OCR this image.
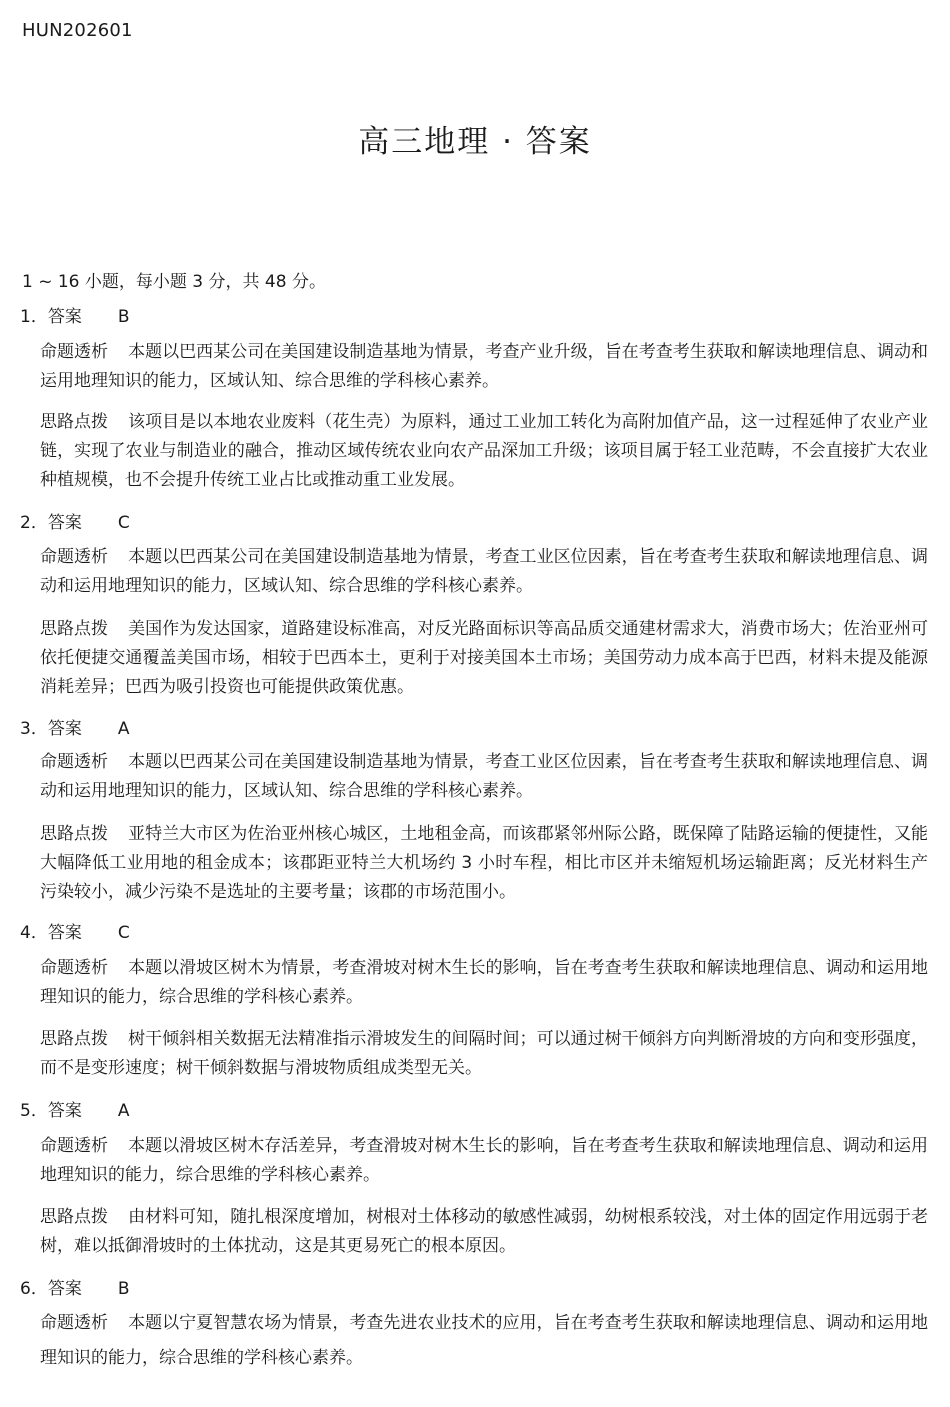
HUN202601
高三地理 · 答案
1 ~ 16 小题，每小题 3 分，共 48 分。
1．答案 B
命题透析 本题以巴西某公司在美国建设制造基地为情景，考查产业升级，旨在考查考生获取和解读地理信息、调动和运用地理知识的能力，区域认知、综合思维的学科核心素养。
思路点拨 该项目是以本地农业废料（花生壳）为原料，通过工业加工转化为高附加值产品，这一过程延伸了农业产业链，实现了农业与制造业的融合，推动区域传统农业向农产品深加工升级；该项目属于轻工业范畴，不会直接扩大农业种植规模，也不会提升传统工业占比或推动重工业发展。
2．答案 C
命题透析 本题以巴西某公司在美国建设制造基地为情景，考查工业区位因素，旨在考查考生获取和解读地理信息、调动和运用地理知识的能力，区域认知、综合思维的学科核心素养。
思路点拨 美国作为发达国家，道路建设标准高，对反光路面标识等高品质交通建材需求大，消费市场大；佐治亚州可依托便捷交通覆盖美国市场，相较于巴西本土，更利于对接美国本土市场；美国劳动力成本高于巴西，材料未提及能源消耗差异；巴西为吸引投资也可能提供政策优惠。
3．答案 A
命题透析 本题以巴西某公司在美国建设制造基地为情景，考查工业区位因素，旨在考查考生获取和解读地理信息、调动和运用地理知识的能力，区域认知、综合思维的学科核心素养。
思路点拨 亚特兰大市区为佐治亚州核心城区，土地租金高，而该郡紧邻州际公路，既保障了陆路运输的便捷性，又能大幅降低工业用地的租金成本；该郡距亚特兰大机场约 3 小时车程，相比市区并未缩短机场运输距离；反光材料生产污染较小，减少污染不是选址的主要考量；该郡的市场范围小。
4．答案 C
命题透析 本题以滑坡区树木为情景，考查滑坡对树木生长的影响，旨在考查考生获取和解读地理信息、调动和运用地理知识的能力，综合思维的学科核心素养。
思路点拨 树干倾斜相关数据无法精准指示滑坡发生的间隔时间；可以通过树干倾斜方向判断滑坡的方向和变形强度，而不是变形速度；树干倾斜数据与滑坡物质组成类型无关。
5．答案 A
命题透析 本题以滑坡区树木存活差异，考查滑坡对树木生长的影响，旨在考查考生获取和解读地理信息、调动和运用地理知识的能力，综合思维的学科核心素养。
思路点拨 由材料可知，随扎根深度增加，树根对土体移动的敏感性减弱，幼树根系较浅，对土体的固定作用远弱于老树，难以抵御滑坡时的土体扰动，这是其更易死亡的根本原因。
6．答案 B
命题透析 本题以宁夏智慧农场为情景，考查先进农业技术的应用，旨在考查考生获取和解读地理信息、调动和运用地理知识的能力，综合思维的学科核心素养。
